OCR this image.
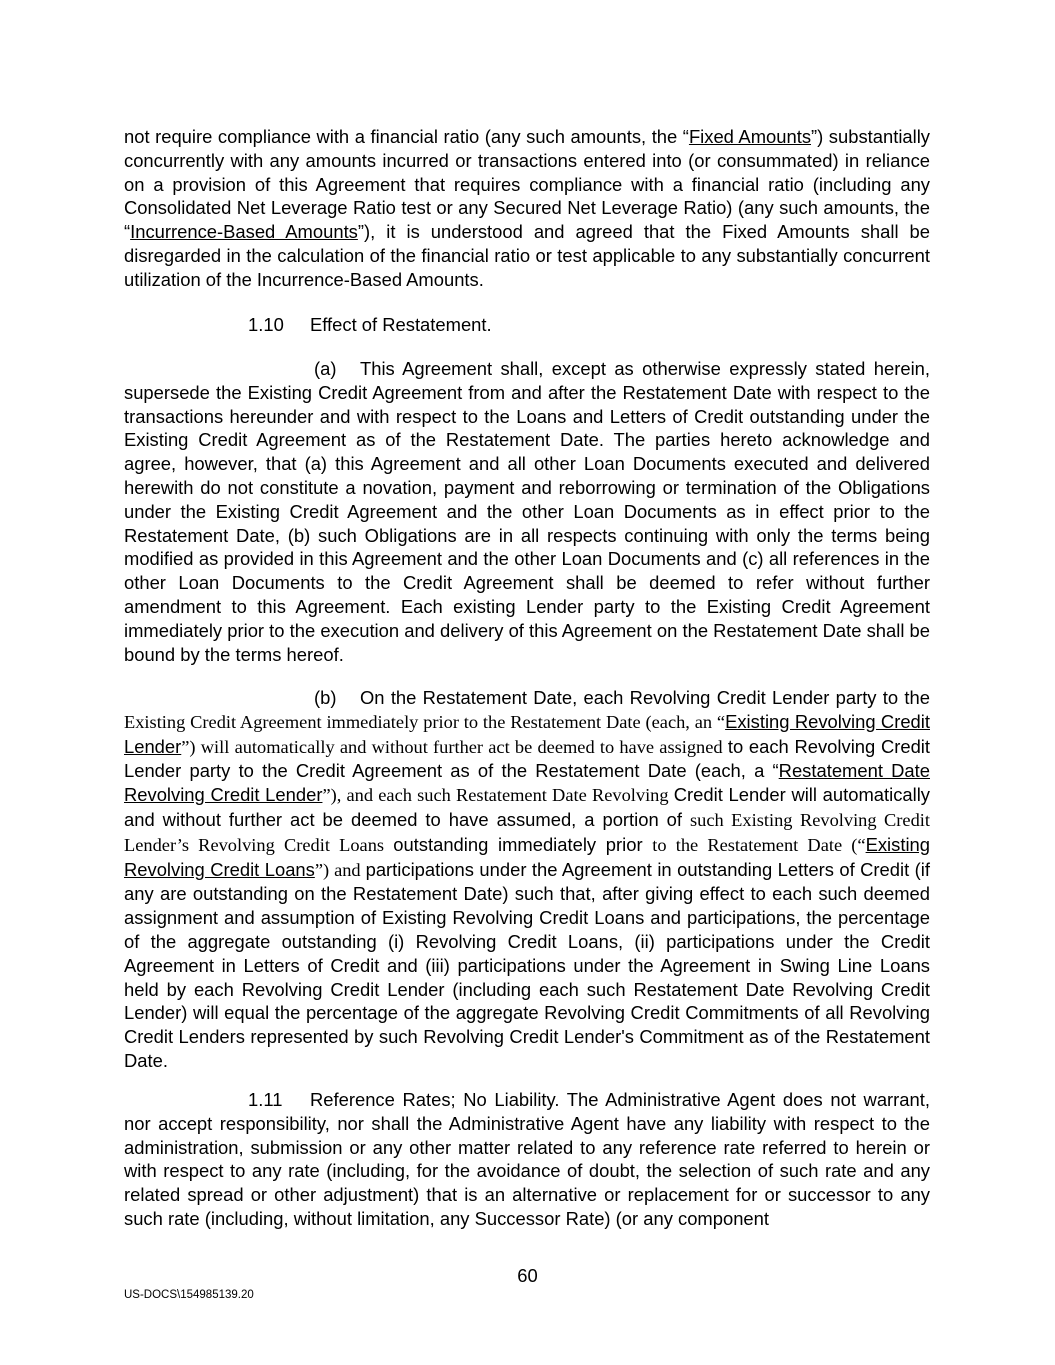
not require compliance with a financial ratio (any such amounts, the “Fixed Amounts”) substantially concurrently with any amounts incurred or transactions entered into (or consummated) in reliance on a provision of this Agreement that requires compliance with a financial ratio (including any Consolidated Net Leverage Ratio test or any Secured Net Leverage Ratio) (any such amounts, the “Incurrence-Based Amounts”), it is understood and agreed that the Fixed Amounts shall be disregarded in the calculation of the financial ratio or test applicable to any substantially concurrent utilization of the Incurrence-Based Amounts.

1.10 Effect of Restatement.

(a) This Agreement shall, except as otherwise expressly stated herein, supersede the Existing Credit Agreement from and after the Restatement Date with respect to the transactions hereunder and with respect to the Loans and Letters of Credit outstanding under the Existing Credit Agreement as of the Restatement Date. The parties hereto acknowledge and agree, however, that (a) this Agreement and all other Loan Documents executed and delivered herewith do not constitute a novation, payment and reborrowing or termination of the Obligations under the Existing Credit Agreement and the other Loan Documents as in effect prior to the Restatement Date, (b) such Obligations are in all respects continuing with only the terms being modified as provided in this Agreement and the other Loan Documents and (c) all references in the other Loan Documents to the Credit Agreement shall be deemed to refer without further amendment to this Agreement. Each existing Lender party to the Existing Credit Agreement immediately prior to the execution and delivery of this Agreement on the Restatement Date shall be bound by the terms hereof.

(b) On the Restatement Date, each Revolving Credit Lender party to the Existing Credit Agreement immediately prior to the Restatement Date (each, an “Existing Revolving Credit Lender”) will automatically and without further act be deemed to have assigned to each Revolving Credit Lender party to the Credit Agreement as of the Restatement Date (each, a “Restatement Date Revolving Credit Lender”), and each such Restatement Date Revolving Credit Lender will automatically and without further act be deemed to have assumed, a portion of such Existing Revolving Credit Lender’s Revolving Credit Loans outstanding immediately prior to the Restatement Date (“Existing Revolving Credit Loans”) and participations under the Agreement in outstanding Letters of Credit (if any are outstanding on the Restatement Date) such that, after giving effect to each such deemed assignment and assumption of Existing Revolving Credit Loans and participations, the percentage of the aggregate outstanding (i) Revolving Credit Loans, (ii) participations under the Credit Agreement in Letters of Credit and (iii) participations under the Agreement in Swing Line Loans held by each Revolving Credit Lender (including each such Restatement Date Revolving Credit Lender) will equal the percentage of the aggregate Revolving Credit Commitments of all Revolving Credit Lenders represented by such Revolving Credit Lender's Commitment as of the Restatement Date.

1.11 Reference Rates; No Liability. The Administrative Agent does not warrant, nor accept responsibility, nor shall the Administrative Agent have any liability with respect to the administration, submission or any other matter related to any reference rate referred to herein or with respect to any rate (including, for the avoidance of doubt, the selection of such rate and any related spread or other adjustment) that is an alternative or replacement for or successor to any such rate (including, without limitation, any Successor Rate) (or any component

60
US-DOCS\154985139.20
